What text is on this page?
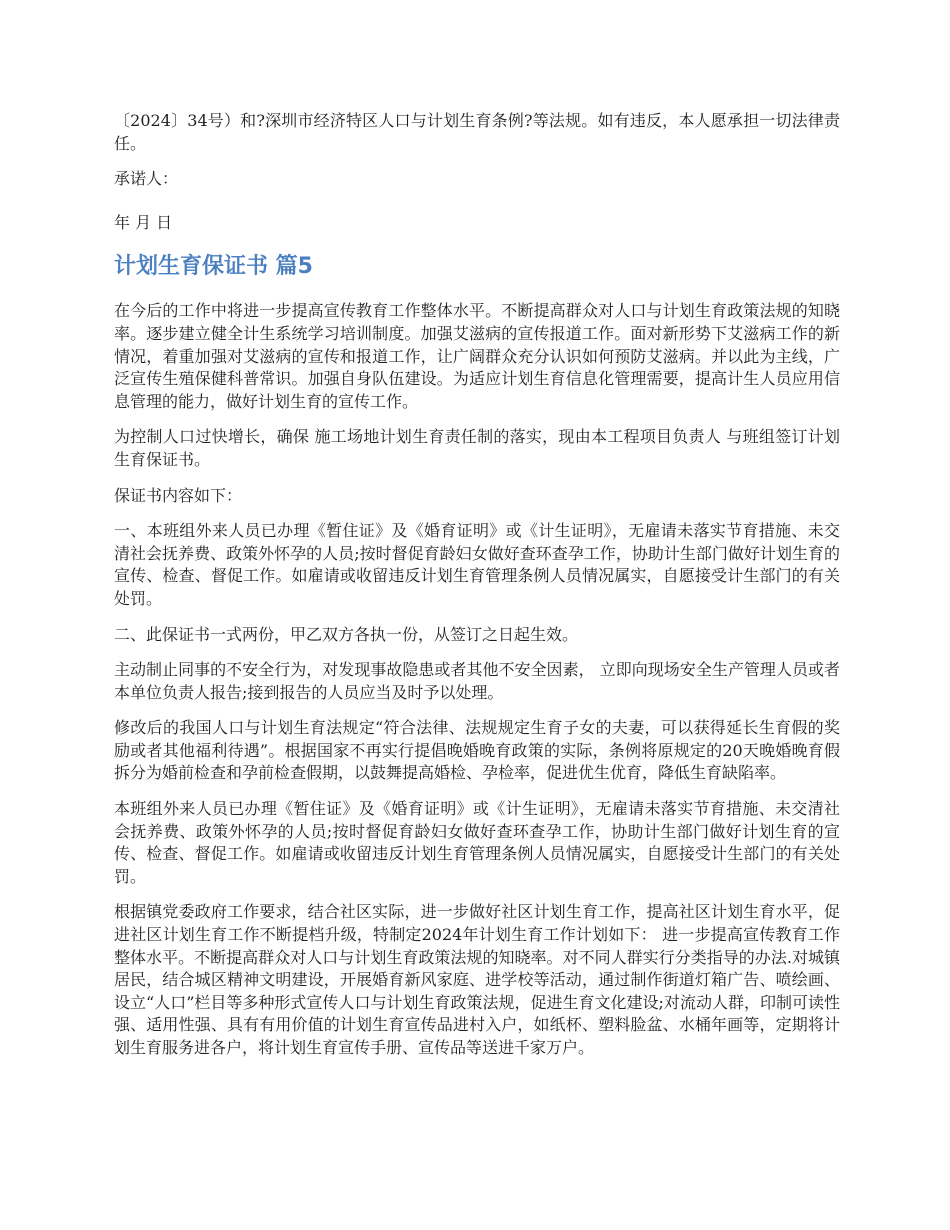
〔2024〕34号）和?深圳市经济特区人口与计划生育条例?等法规。如有违反，本人愿承担一切法律责任。

承诺人：

年 月 日

计划生育保证书 篇5

在今后的工作中将进一步提高宣传教育工作整体水平。不断提高群众对人口与计划生育政策法规的知晓率。逐步建立健全计生系统学习培训制度。加强艾滋病的宣传报道工作。面对新形势下艾滋病工作的新情况，着重加强对艾滋病的宣传和报道工作，让广阔群众充分认识如何预防艾滋病。并以此为主线，广泛宣传生殖保健科普常识。加强自身队伍建设。为适应计划生育信息化管理需要，提高计生人员应用信息管理的能力，做好计划生育的宣传工作。

为控制人口过快增长，确保 施工场地计划生育责任制的落实，现由本工程项目负责人 与班组签订计划生育保证书。

保证书内容如下：

一、本班组外来人员已办理《暂住证》及《婚育证明》或《计生证明》，无雇请未落实节育措施、未交清社会抚养费、政策外怀孕的人员;按时督促育龄妇女做好查环查孕工作，协助计生部门做好计划生育的宣传、检查、督促工作。如雇请或收留违反计划生育管理条例人员情况属实，自愿接受计生部门的有关处罚。

二、此保证书一式两份，甲乙双方各执一份，从签订之日起生效。

主动制止同事的不安全行为，对发现事故隐患或者其他不安全因素， 立即向现场安全生产管理人员或者本单位负责人报告;接到报告的人员应当及时予以处理。

修改后的我国人口与计划生育法规定“符合法律、法规规定生育子女的夫妻，可以获得延长生育假的奖励或者其他福利待遇”。根据国家不再实行提倡晚婚晚育政策的实际，条例将原规定的20天晚婚晚育假拆分为婚前检查和孕前检查假期，以鼓舞提高婚检、孕检率，促进优生优育，降低生育缺陷率。

本班组外来人员已办理《暂住证》及《婚育证明》或《计生证明》，无雇请未落实节育措施、未交清社会抚养费、政策外怀孕的人员;按时督促育龄妇女做好查环查孕工作，协助计生部门做好计划生育的宣传、检查、督促工作。如雇请或收留违反计划生育管理条例人员情况属实，自愿接受计生部门的有关处罚。

根据镇党委政府工作要求，结合社区实际，进一步做好社区计划生育工作，提高社区计划生育水平，促进社区计划生育工作不断提档升级，特制定2024年计划生育工作计划如下： 进一步提高宣传教育工作整体水平。不断提高群众对人口与计划生育政策法规的知晓率。对不同人群实行分类指导的办法.对城镇居民，结合城区精神文明建设，开展婚育新风家庭、进学校等活动，通过制作街道灯箱广告、喷绘画、设立“人口”栏目等多种形式宣传人口与计划生育政策法规，促进生育文化建设;对流动人群，印制可读性强、适用性强、具有有用价值的计划生育宣传品进村入户，如纸杯、塑料脸盆、水桶年画等，定期将计划生育服务进各户，将计划生育宣传手册、宣传品等送进千家万户。
